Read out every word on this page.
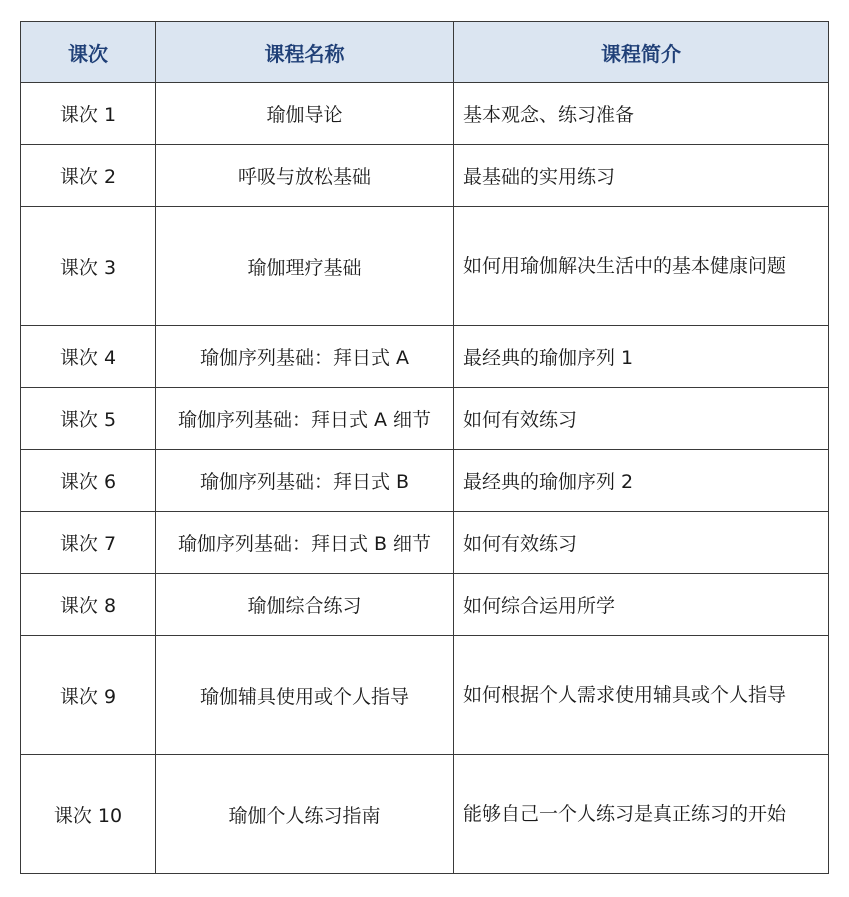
课次	课程名称	课程简介
课次 1	瑜伽导论	基本观念、练习准备
课次 2	呼吸与放松基础	最基础的实用练习
课次 3	瑜伽理疗基础	如何用瑜伽解决生活中的基本健康问题
课次 4	瑜伽序列基础：拜日式 A	最经典的瑜伽序列 1
课次 5	瑜伽序列基础：拜日式 A 细节	如何有效练习
课次 6	瑜伽序列基础：拜日式 B	最经典的瑜伽序列 2
课次 7	瑜伽序列基础：拜日式 B 细节	如何有效练习
课次 8	瑜伽综合练习	如何综合运用所学
课次 9	瑜伽辅具使用或个人指导	如何根据个人需求使用辅具或个人指导
课次 10	瑜伽个人练习指南	能够自己一个人练习是真正练习的开始
